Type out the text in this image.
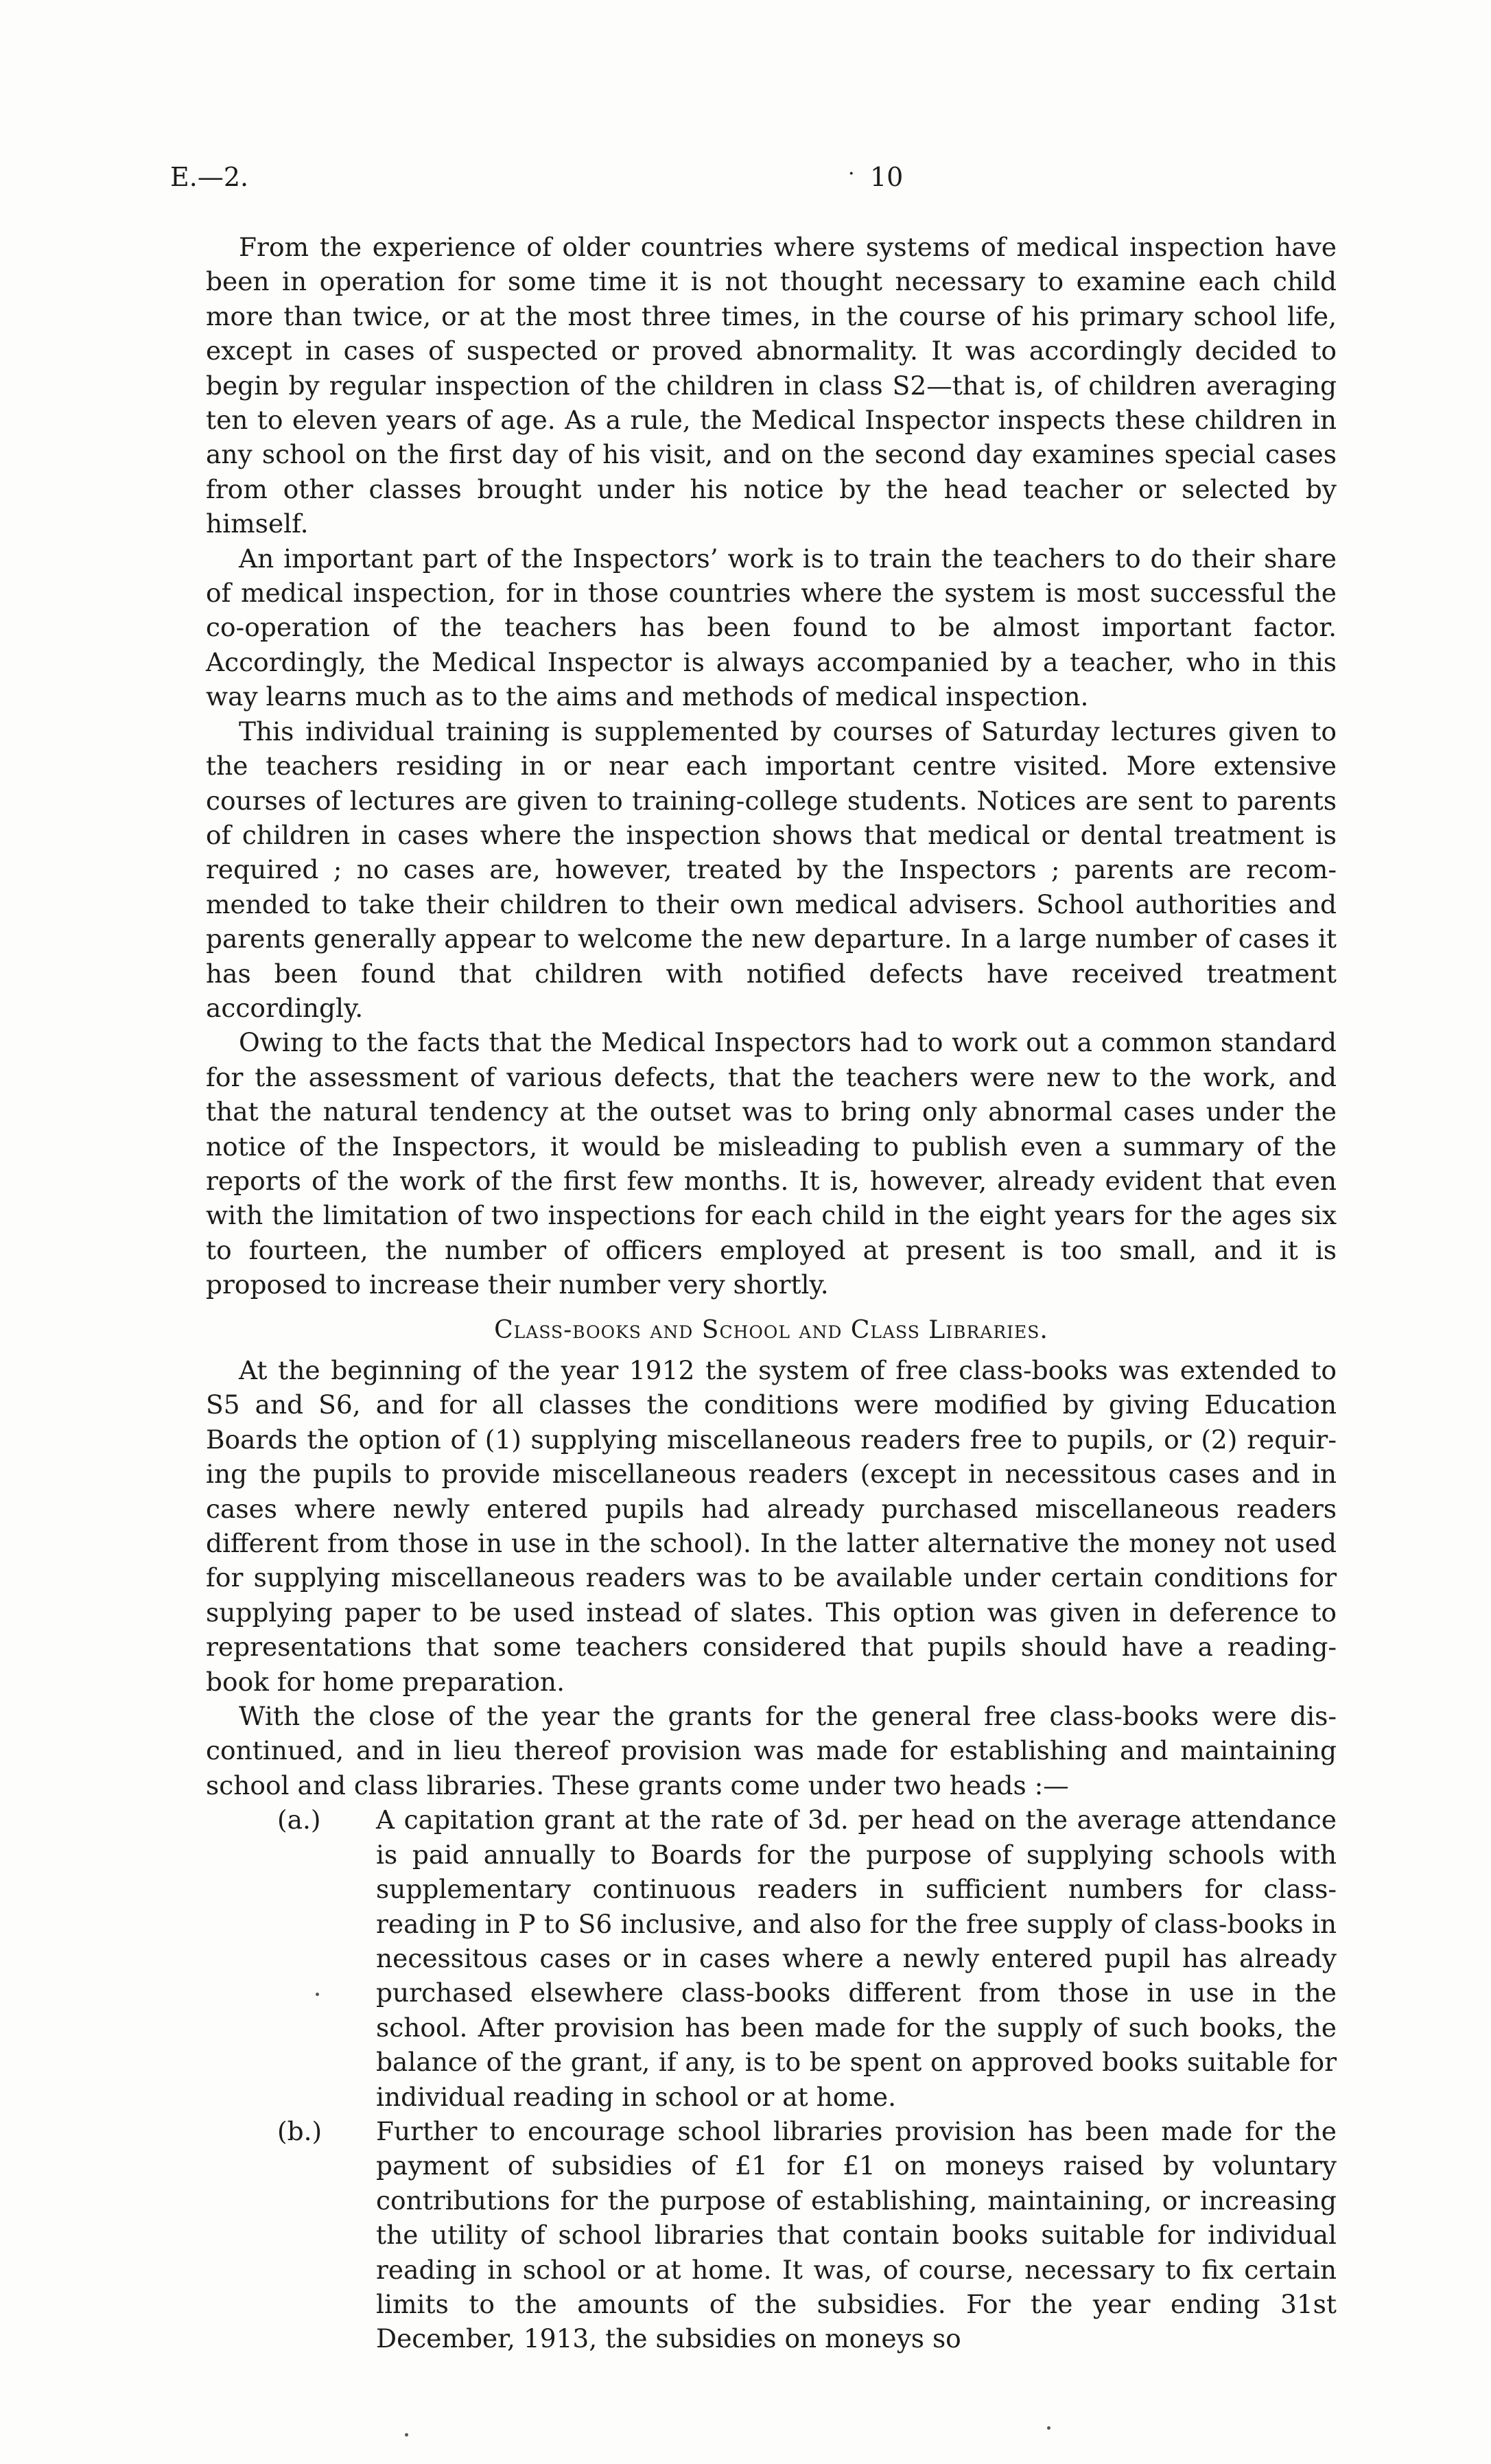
E.—2.	· 10

From the experience of older countries where systems of medical inspection have been in operation for some time it is not thought necessary to examine each child more than twice, or at the most three times, in the course of his primary school life, except in cases of suspected or proved abnormality. It was accordingly decided to begin by regular inspection of the children in class S2—that is, of children averaging ten to eleven years of age. As a rule, the Medical Inspector inspects these children in any school on the first day of his visit, and on the second day examines special cases from other classes brought under his notice by the head teacher or selected by himself.

An important part of the Inspectors’ work is to train the teachers to do their share of medical inspection, for in those countries where the system is most successful the co-operation of the teachers has been found to be almost important factor. Accordingly, the Medical Inspector is always accompanied by a teacher, who in this way learns much as to the aims and methods of medical inspection.

This individual training is supplemented by courses of Saturday lectures given to the teachers residing in or near each important centre visited. More extensive courses of lectures are given to training-college students. Notices are sent to parents of children in cases where the inspection shows that medical or dental treatment is required ; no cases are, however, treated by the Inspectors ; parents are recommended to take their children to their own medical advisers. School authorities and parents generally appear to welcome the new departure. In a large number of cases it has been found that children with notified defects have received treatment accordingly.

Owing to the facts that the Medical Inspectors had to work out a common standard for the assessment of various defects, that the teachers were new to the work, and that the natural tendency at the outset was to bring only abnormal cases under the notice of the Inspectors, it would be misleading to publish even a summary of the reports of the work of the first few months. It is, however, already evident that even with the limitation of two inspections for each child in the eight years for the ages six to fourteen, the number of officers employed at present is too small, and it is proposed to increase their number very shortly.

Class-books and School and Class Libraries.

At the beginning of the year 1912 the system of free class-books was extended to S5 and S6, and for all classes the conditions were modified by giving Education Boards the option of (1) supplying miscellaneous readers free to pupils, or (2) requiring the pupils to provide miscellaneous readers (except in necessitous cases and in cases where newly entered pupils had already purchased miscellaneous readers different from those in use in the school). In the latter alternative the money not used for supplying miscellaneous readers was to be available under certain conditions for supplying paper to be used instead of slates. This option was given in deference to representations that some teachers considered that pupils should have a reading-book for home preparation.

With the close of the year the grants for the general free class-books were discontinued, and in lieu thereof provision was made for establishing and maintaining school and class libraries. These grants come under two heads :—

(a.) A capitation grant at the rate of 3d. per head on the average attendance is paid annually to Boards for the purpose of supplying schools with supplementary continuous readers in sufficient numbers for class-reading in P to S6 inclusive, and also for the free supply of class-books in necessitous cases or in cases where a newly entered pupil has already purchased elsewhere class-books different from those in use in the school. After provision has been made for the supply of such books, the balance of the grant, if any, is to be spent on approved books suitable for individual reading in school or at home.

(b.) Further to encourage school libraries provision has been made for the payment of subsidies of £1 for £1 on moneys raised by voluntary contributions for the purpose of establishing, maintaining, or increasing the utility of school libraries that contain books suitable for individual reading in school or at home. It was, of course, necessary to fix certain limits to the amounts of the subsidies. For the year ending 31st December, 1913, the subsidies on moneys so
